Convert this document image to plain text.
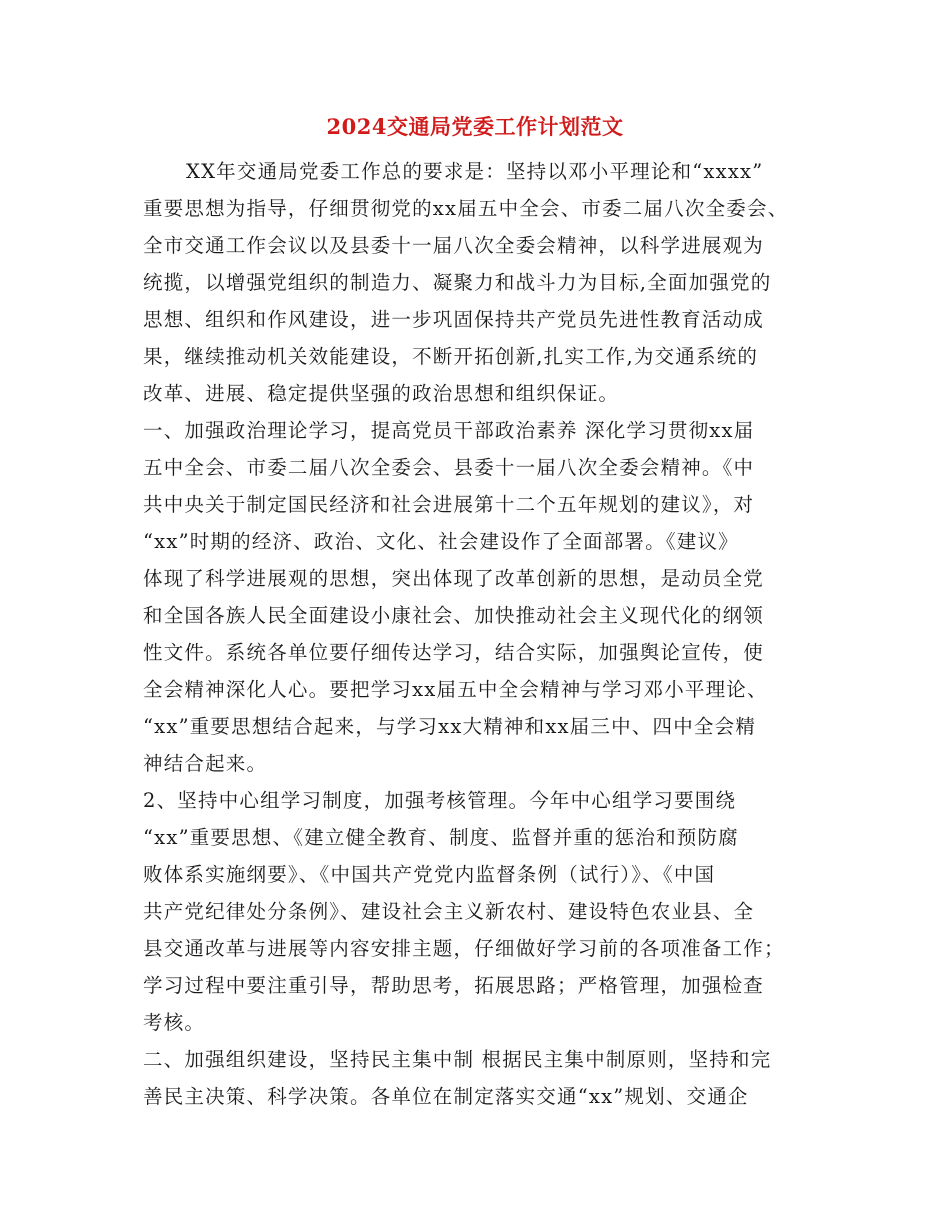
2024交通局党委工作计划范文
XX年交通局党委工作总的要求是：坚持以邓小平理论和“xxxx”
重要思想为指导，仔细贯彻党的xx届五中全会、市委二届八次全委会、
全市交通工作会议以及县委十一届八次全委会精神，以科学进展观为
统揽，以增强党组织的制造力、凝聚力和战斗力为目标,全面加强党的
思想、组织和作风建设，进一步巩固保持共产党员先进性教育活动成
果，继续推动机关效能建设，不断开拓创新,扎实工作,为交通系统的
改革、进展、稳定提供坚强的政治思想和组织保证。
一、加强政治理论学习，提高党员干部政治素养 深化学习贯彻xx届
五中全会、市委二届八次全委会、县委十一届八次全委会精神。《中
共中央关于制定国民经济和社会进展第十二个五年规划的建议》，对
“xx”时期的经济、政治、文化、社会建设作了全面部署。《建议》
体现了科学进展观的思想，突出体现了改革创新的思想，是动员全党
和全国各族人民全面建设小康社会、加快推动社会主义现代化的纲领
性文件。系统各单位要仔细传达学习，结合实际，加强舆论宣传，使
全会精神深化人心。要把学习xx届五中全会精神与学习邓小平理论、
“xx”重要思想结合起来，与学习xx大精神和xx届三中、四中全会精
神结合起来。
2、坚持中心组学习制度，加强考核管理。今年中心组学习要围绕
“xx”重要思想、《建立健全教育、制度、监督并重的惩治和预防腐
败体系实施纲要》、《中国共产党党内监督条例（试行）》、《中国
共产党纪律处分条例》、建设社会主义新农村、建设特色农业县、全
县交通改革与进展等内容安排主题，仔细做好学习前的各项准备工作；
学习过程中要注重引导，帮助思考，拓展思路；严格管理，加强检查
考核。
二、加强组织建设，坚持民主集中制 根据民主集中制原则，坚持和完
善民主决策、科学决策。各单位在制定落实交通“xx”规划、交通企
